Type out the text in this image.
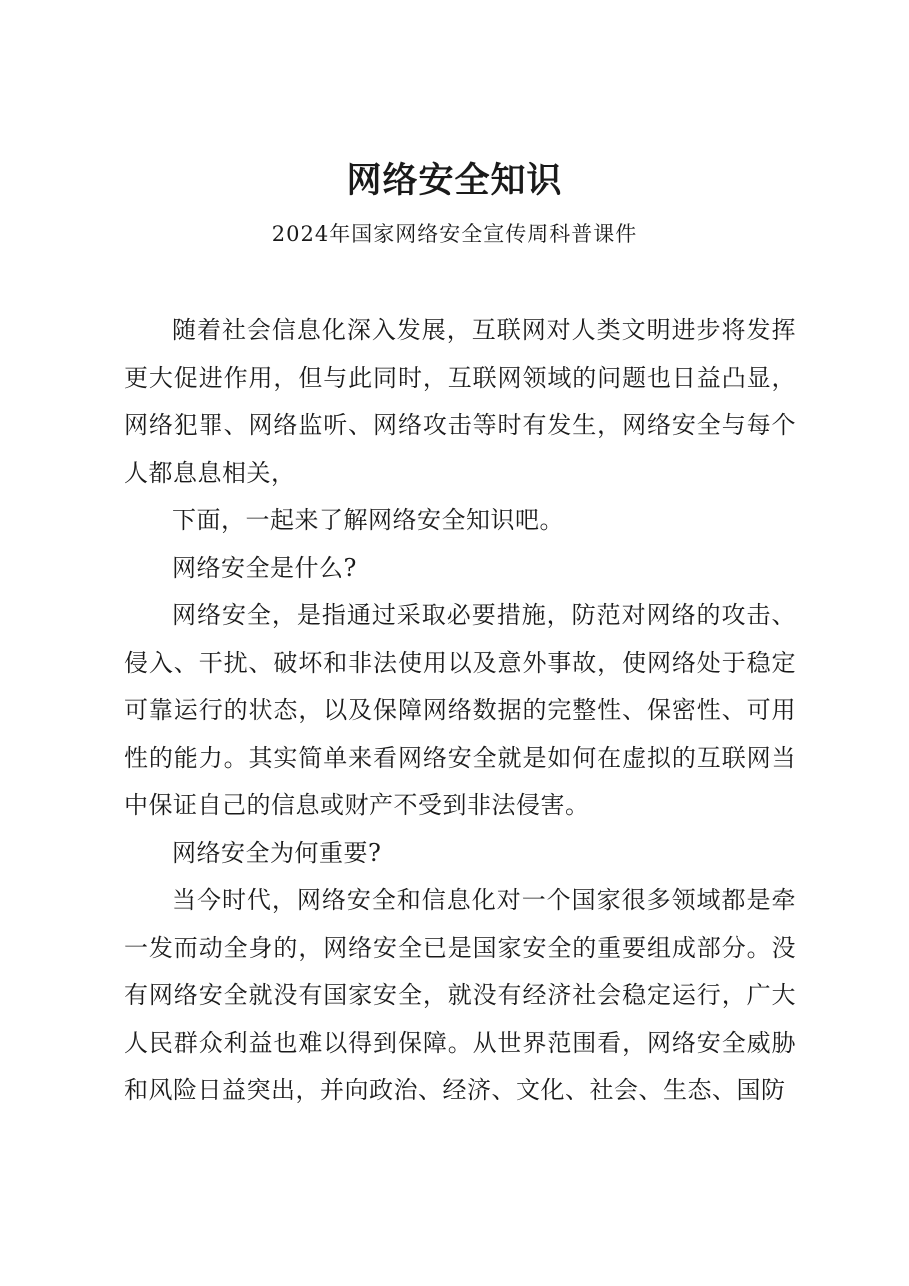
网络安全知识
2024年国家网络安全宣传周科普课件

随着社会信息化深入发展，互联网对人类文明进步将发挥更大促进作用，但与此同时，互联网领域的问题也日益凸显，网络犯罪、网络监听、网络攻击等时有发生，网络安全与每个人都息息相关，

下面，一起来了解网络安全知识吧。

网络安全是什么?

网络安全，是指通过采取必要措施，防范对网络的攻击、侵入、干扰、破坏和非法使用以及意外事故，使网络处于稳定可靠运行的状态，以及保障网络数据的完整性、保密性、可用性的能力。其实简单来看网络安全就是如何在虚拟的互联网当中保证自己的信息或财产不受到非法侵害。

网络安全为何重要?

当今时代，网络安全和信息化对一个国家很多领域都是牵一发而动全身的，网络安全已是国家安全的重要组成部分。没有网络安全就没有国家安全，就没有经济社会稳定运行，广大人民群众利益也难以得到保障。从世界范围看，网络安全威胁和风险日益突出，并向政治、经济、文化、社会、生态、国防
